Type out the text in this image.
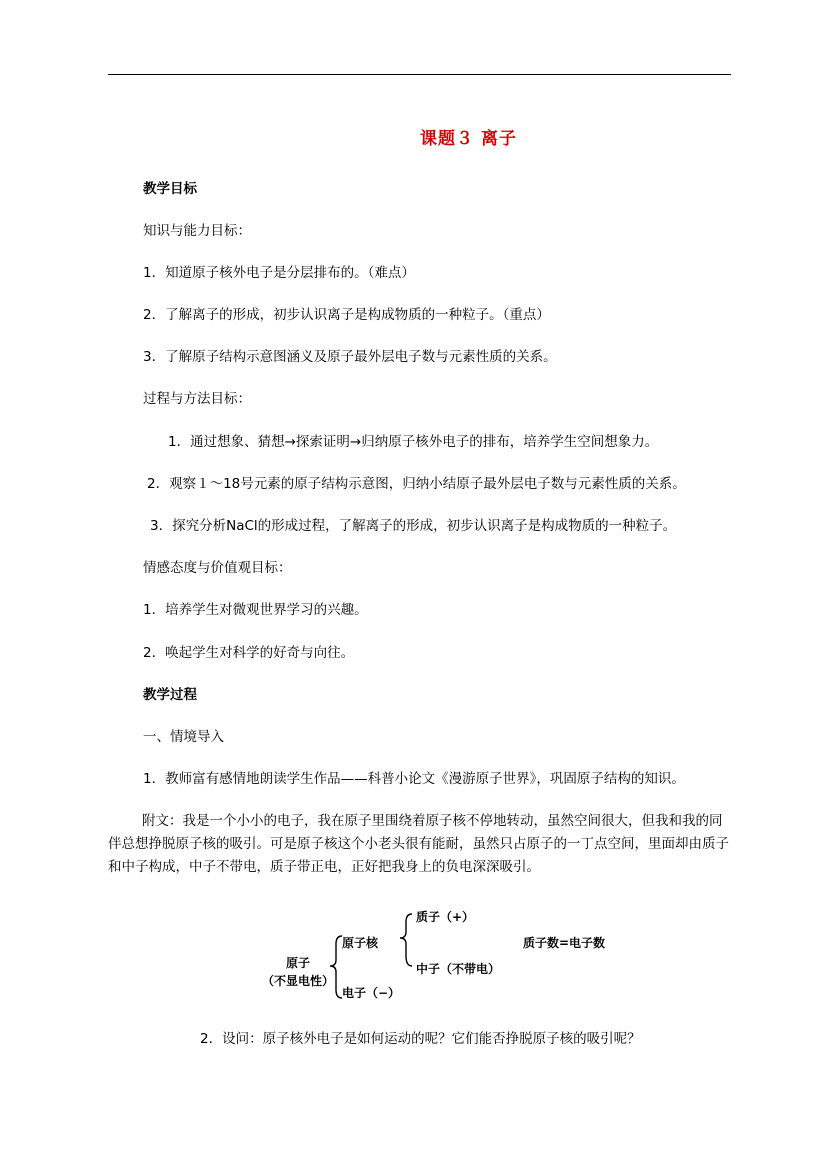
课题３ 离子
教学目标
知识与能力目标：
1．知道原子核外电子是分层排布的。（难点）
2．了解离子的形成，初步认识离子是构成物质的一种粒子。（重点）
3．了解原子结构示意图涵义及原子最外层电子数与元素性质的关系。
过程与方法目标：
1．通过想象、猜想→探索证明→归纳原子核外电子的排布，培养学生空间想象力。
2．观察１～18号元素的原子结构示意图，归纳小结原子最外层电子数与元素性质的关系。
3．探究分析NaCl的形成过程，了解离子的形成，初步认识离子是构成物质的一种粒子。
情感态度与价值观目标：
1．培养学生对微观世界学习的兴趣。
2．唤起学生对科学的好奇与向往。
教学过程
一、情境导入
1．教师富有感情地朗读学生作品——科普小论文《漫游原子世界》，巩固原子结构的知识。
附文：我是一个小小的电子，我在原子里围绕着原子核不停地转动，虽然空间很大，但我和我的同伴总想挣脱原子核的吸引。可是原子核这个小老头很有能耐，虽然只占原子的一丁点空间，里面却由质子和中子构成，中子不带电，质子带正电，正好把我身上的负电深深吸引。
原子
（不显电性）
原子核
质子（+）
中子（不带电）
电子（−）
质子数=电子数
2．设问：原子核外电子是如何运动的呢？它们能否挣脱原子核的吸引呢？
